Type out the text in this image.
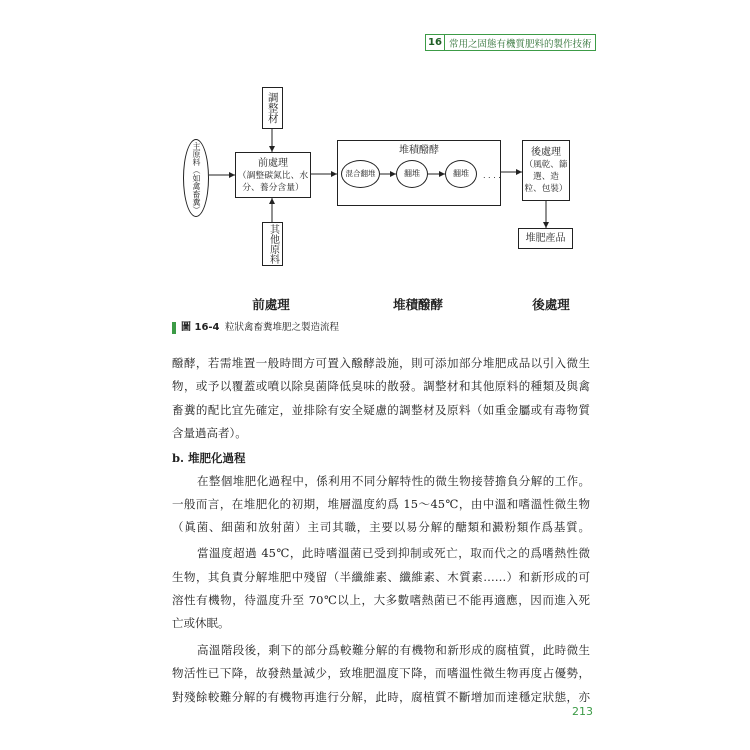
16 常用之固態有機質肥料的製作技術
調整材
主原料（如禽畜糞）	前處理
（調整碳氮比、水
分、養分含量）
其他原料
堆積醱酵
混合翻堆	翻堆	翻堆 ....
後處理
（風乾、篩
選、造
粒、包裝）
堆肥產品
前處理	堆積醱酵	後處理
圖 16-4 粒狀禽畜糞堆肥之製造流程
醱酵，若需堆置一般時間方可置入醱酵設施，則可添加部分堆肥成品以引入微生
物，或予以覆蓋或噴以除臭菌降低臭味的散發。調整材和其他原料的種類及與禽
畜糞的配比宜先確定，並排除有安全疑慮的調整材及原料（如重金屬或有毒物質
含量過高者）。
b. 堆肥化過程
在整個堆肥化過程中，係利用不同分解特性的微生物接替擔負分解的工作。
一般而言，在堆肥化的初期，堆層溫度約爲 15～45℃，由中溫和嗜溫性微生物
（眞菌、細菌和放射菌）主司其職，主要以易分解的醣類和澱粉類作爲基質。
當溫度超過 45℃，此時嗜溫菌已受到抑制或死亡，取而代之的爲嗜熱性微
生物，其負責分解堆肥中殘留（半纖維素、纖維素、木質素……）和新形成的可
溶性有機物，待溫度升至 70℃以上，大多數嗜熱菌已不能再適應，因而進入死
亡或休眠。
高溫階段後，剩下的部分爲較難分解的有機物和新形成的腐植質，此時微生
物活性已下降，故發熱量減少，致堆肥溫度下降，而嗜溫性微生物再度占優勢，
對殘餘較難分解的有機物再進行分解，此時，腐植質不斷增加而達穩定狀態，亦
213
